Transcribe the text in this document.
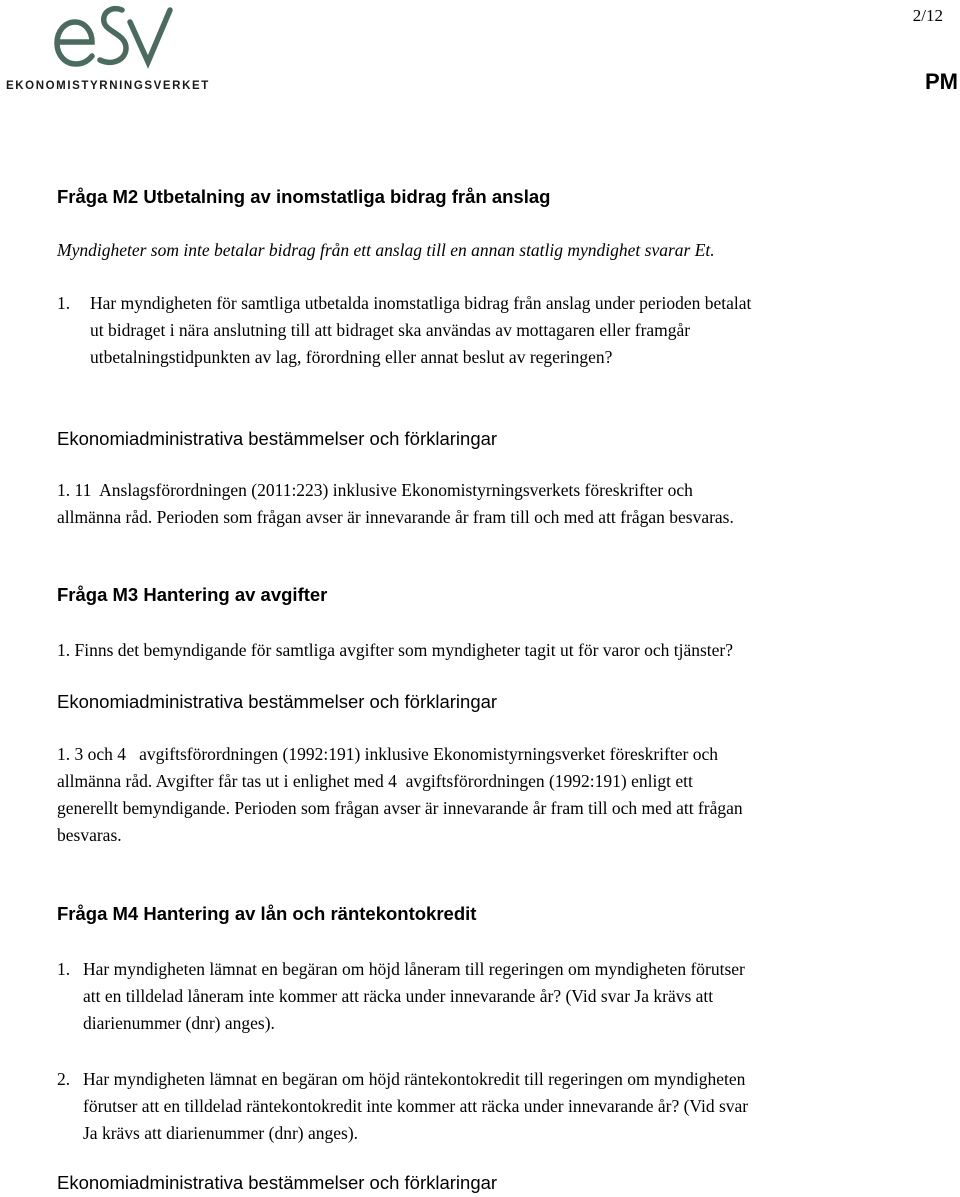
EKONOMISTYRNINGSVERKET
2/12
PM
Fråga M2 Utbetalning av inomstatliga bidrag från anslag
Myndigheter som inte betalar bidrag från ett anslag till en annan statlig myndighet svarar Et.
1. Har myndigheten för samtliga utbetalda inomstatliga bidrag från anslag under perioden betalat
ut bidraget i nära anslutning till att bidraget ska användas av mottagaren eller framgår
utbetalningstidpunkten av lag, förordning eller annat beslut av regeringen?
Ekonomiadministrativa bestämmelser och förklaringar
1. 11  Anslagsförordningen (2011:223) inklusive Ekonomistyrningsverkets föreskrifter och
allmänna råd. Perioden som frågan avser är innevarande år fram till och med att frågan besvaras.
Fråga M3 Hantering av avgifter
1. Finns det bemyndigande för samtliga avgifter som myndigheter tagit ut för varor och tjänster?
Ekonomiadministrativa bestämmelser och förklaringar
1. 3 och 4   avgiftsförordningen (1992:191) inklusive Ekonomistyrningsverket föreskrifter och
allmänna råd. Avgifter får tas ut i enlighet med 4  avgiftsförordningen (1992:191) enligt ett
generellt bemyndigande. Perioden som frågan avser är innevarande år fram till och med att frågan
besvaras.
Fråga M4 Hantering av lån och räntekontokredit
1. Har myndigheten lämnat en begäran om höjd låneram till regeringen om myndigheten förutser
att en tilldelad låneram inte kommer att räcka under innevarande år? (Vid svar Ja krävs att
diarienummer (dnr) anges).
2. Har myndigheten lämnat en begäran om höjd räntekontokredit till regeringen om myndigheten
förutser att en tilldelad räntekontokredit inte kommer att räcka under innevarande år? (Vid svar
Ja krävs att diarienummer (dnr) anges).
Ekonomiadministrativa bestämmelser och förklaringar
